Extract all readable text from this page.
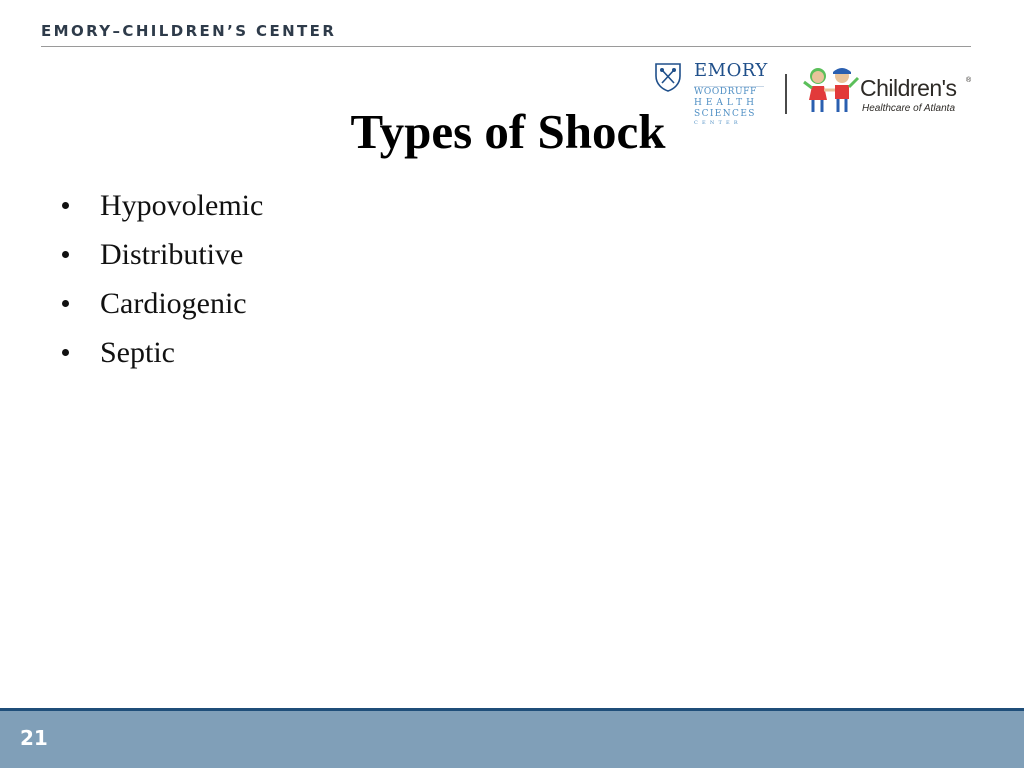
EMORY–CHILDREN’S CENTER
EMORY
WOODRUFF
HEALTH
SCIENCES
CENTER
Children's ®
Healthcare of Atlanta
Types of Shock
Hypovolemic
Distributive
Cardiogenic
Septic
21
